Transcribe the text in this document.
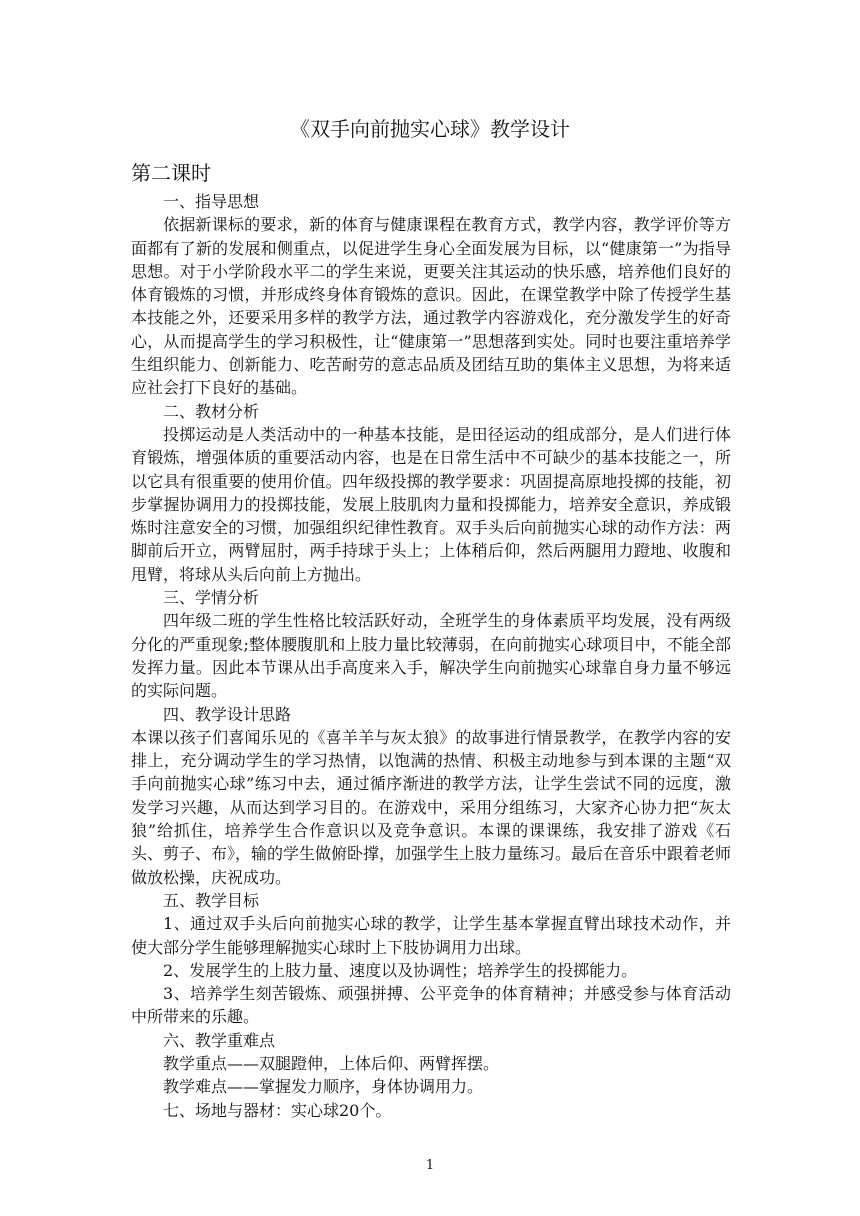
《双手向前抛实心球》教学设计
第二课时

一、指导思想

依据新课标的要求，新的体育与健康课程在教育方式，教学内容，教学评价等方面都有了新的发展和侧重点，以促进学生身心全面发展为目标，以“健康第一”为指导思想。对于小学阶段水平二的学生来说，更要关注其运动的快乐感，培养他们良好的体育锻炼的习惯，并形成终身体育锻炼的意识。因此，在课堂教学中除了传授学生基本技能之外，还要采用多样的教学方法，通过教学内容游戏化，充分激发学生的好奇心，从而提高学生的学习积极性，让“健康第一”思想落到实处。同时也要注重培养学生组织能力、创新能力、吃苦耐劳的意志品质及团结互助的集体主义思想，为将来适应社会打下良好的基础。

二、教材分析

投掷运动是人类活动中的一种基本技能，是田径运动的组成部分，是人们进行体育锻炼，增强体质的重要活动内容，也是在日常生活中不可缺少的基本技能之一，所以它具有很重要的使用价值。四年级投掷的教学要求：巩固提高原地投掷的技能，初步掌握协调用力的投掷技能，发展上肢肌肉力量和投掷能力，培养安全意识，养成锻炼时注意安全的习惯，加强组织纪律性教育。双手头后向前抛实心球的动作方法：两脚前后开立，两臂屈肘，两手持球于头上；上体稍后仰，然后两腿用力蹬地、收腹和甩臂，将球从头后向前上方抛出。

三、学情分析

四年级二班的学生性格比较活跃好动，全班学生的身体素质平均发展，没有两级分化的严重现象;整体腰腹肌和上肢力量比较薄弱，在向前抛实心球项目中，不能全部发挥力量。因此本节课从出手高度来入手，解决学生向前抛实心球靠自身力量不够远的实际问题。

四、教学设计思路

本课以孩子们喜闻乐见的《喜羊羊与灰太狼》的故事进行情景教学，在教学内容的安排上，充分调动学生的学习热情，以饱满的热情、积极主动地参与到本课的主题“双手向前抛实心球”练习中去，通过循序渐进的教学方法，让学生尝试不同的远度，激发学习兴趣，从而达到学习目的。在游戏中，采用分组练习，大家齐心协力把“灰太狼”给抓住，培养学生合作意识以及竞争意识。本课的课课练，我安排了游戏《石头、剪子、布》，输的学生做俯卧撑，加强学生上肢力量练习。最后在音乐中跟着老师做放松操，庆祝成功。

五、教学目标

1、通过双手头后向前抛实心球的教学，让学生基本掌握直臂出球技术动作，并使大部分学生能够理解抛实心球时上下肢协调用力出球。

2、发展学生的上肢力量、速度以及协调性；培养学生的投掷能力。

3、培养学生刻苦锻炼、顽强拼搏、公平竞争的体育精神；并感受参与体育活动中所带来的乐趣。

六、教学重难点

教学重点——双腿蹬伸，上体后仰、两臂挥摆。

教学难点——掌握发力顺序，身体协调用力。

七、场地与器材：实心球20个。

1
